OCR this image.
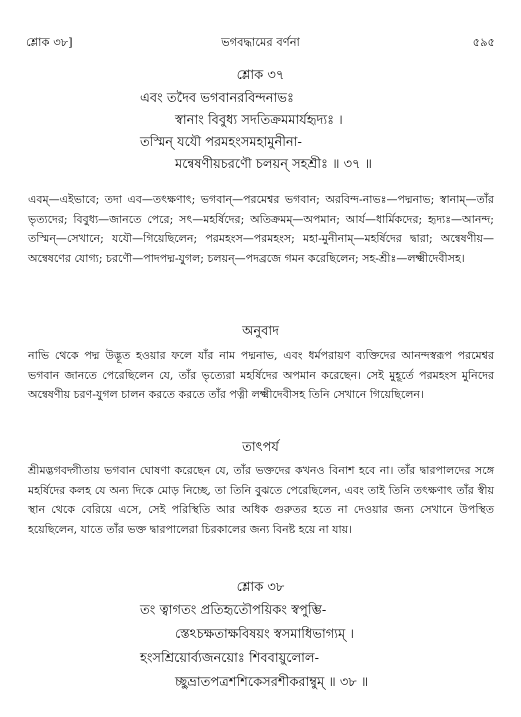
শ্লোক ৩৮]	ভগবদ্ধামের বর্ণনা	৫৯৫
শ্লোক ৩৭
এবং তদৈব ভগবানরবিন্দনাভঃ
স্বানাং বিবুধ্য সদতিক্রমমার্যহৃদ্যঃ ।
তস্মিন্ যযৌ পরমহংসমহামুনীনা-
মন্বেষণীয়চরণৌ চলয়ন্ সহশ্রীঃ ॥ ৩৭ ॥
এবম্—এইভাবে; তদা এব—তৎক্ষণাৎ; ভগবান্—পরমেশ্বর ভগবান; অরবিন্দ-নাভঃ—পদ্মনাভ; স্বানাম্—তাঁর ভৃত্যদের; বিবুধ্য—জানতে পেরে; সৎ—মহর্ষিদের; অতিক্রমম্—অপমান; আর্য—ধার্মিকদের; হৃদ্যঃ—আনন্দ; তস্মিন্—সেখানে; যযৌ—গিয়েছিলেন; পরমহংস—পরমহংস; মহা-মুনীনাম্—মহর্ষিদের দ্বারা; অন্বেষণীয়—অন্বেষণের যোগ্য; চরণৌ—পাদপদ্ম-যুগল; চলয়ন্—পদব্রজে গমন করেছিলেন; সহ-শ্রীঃ—লক্ষ্মীদেবীসহ।
অনুবাদ
নাভি থেকে পদ্ম উদ্ভূত হওয়ার ফলে যাঁর নাম পদ্মনাভ, এবং ধর্মপরায়ণ ব্যক্তিদের আনন্দস্বরূপ পরমেশ্বর ভগবান জানতে পেরেছিলেন যে, তাঁর ভৃত্যেরা মহর্ষিদের অপমান করেছেন। সেই মুহূর্তে পরমহংস মুনিদের অন্বেষণীয় চরণ-যুগল চালন করতে করতে তাঁর পত্নী লক্ষ্মীদেবীসহ তিনি সেখানে গিয়েছিলেন।
তাৎপর্য
শ্রীমদ্ভগবদ্গীতায় ভগবান ঘোষণা করেছেন যে, তাঁর ভক্তদের কখনও বিনাশ হবে না। তাঁর দ্বারপালদের সঙ্গে মহর্ষিদের কলহ যে অন্য দিকে মোড় নিচ্ছে, তা তিনি বুঝতে পেরেছিলেন, এবং তাই তিনি তৎক্ষণাৎ তাঁর স্বীয় স্থান থেকে বেরিয়ে এসে, সেই পরিস্থিতি আর অধিক গুরুতর হতে না দেওয়ার জন্য সেখানে উপস্থিত হয়েছিলেন, যাতে তাঁর ভক্ত দ্বারপালেরা চিরকালের জন্য বিনষ্ট হয়ে না যায়।
শ্লোক ৩৮
তং ত্বাগতং প্রতিহৃতৌপয়িকং স্বপুম্ভি-
স্তেঽচক্ষতাক্ষবিষয়ং স্বসমাধিভাগ্যম্ ।
হংসশ্রিয়োর্ব্যজনয়োঃ শিববায়ুলোল-
চ্ছুভ্রাতপত্রশশিকেসরশীকরাম্বুম্ ॥ ৩৮ ॥
